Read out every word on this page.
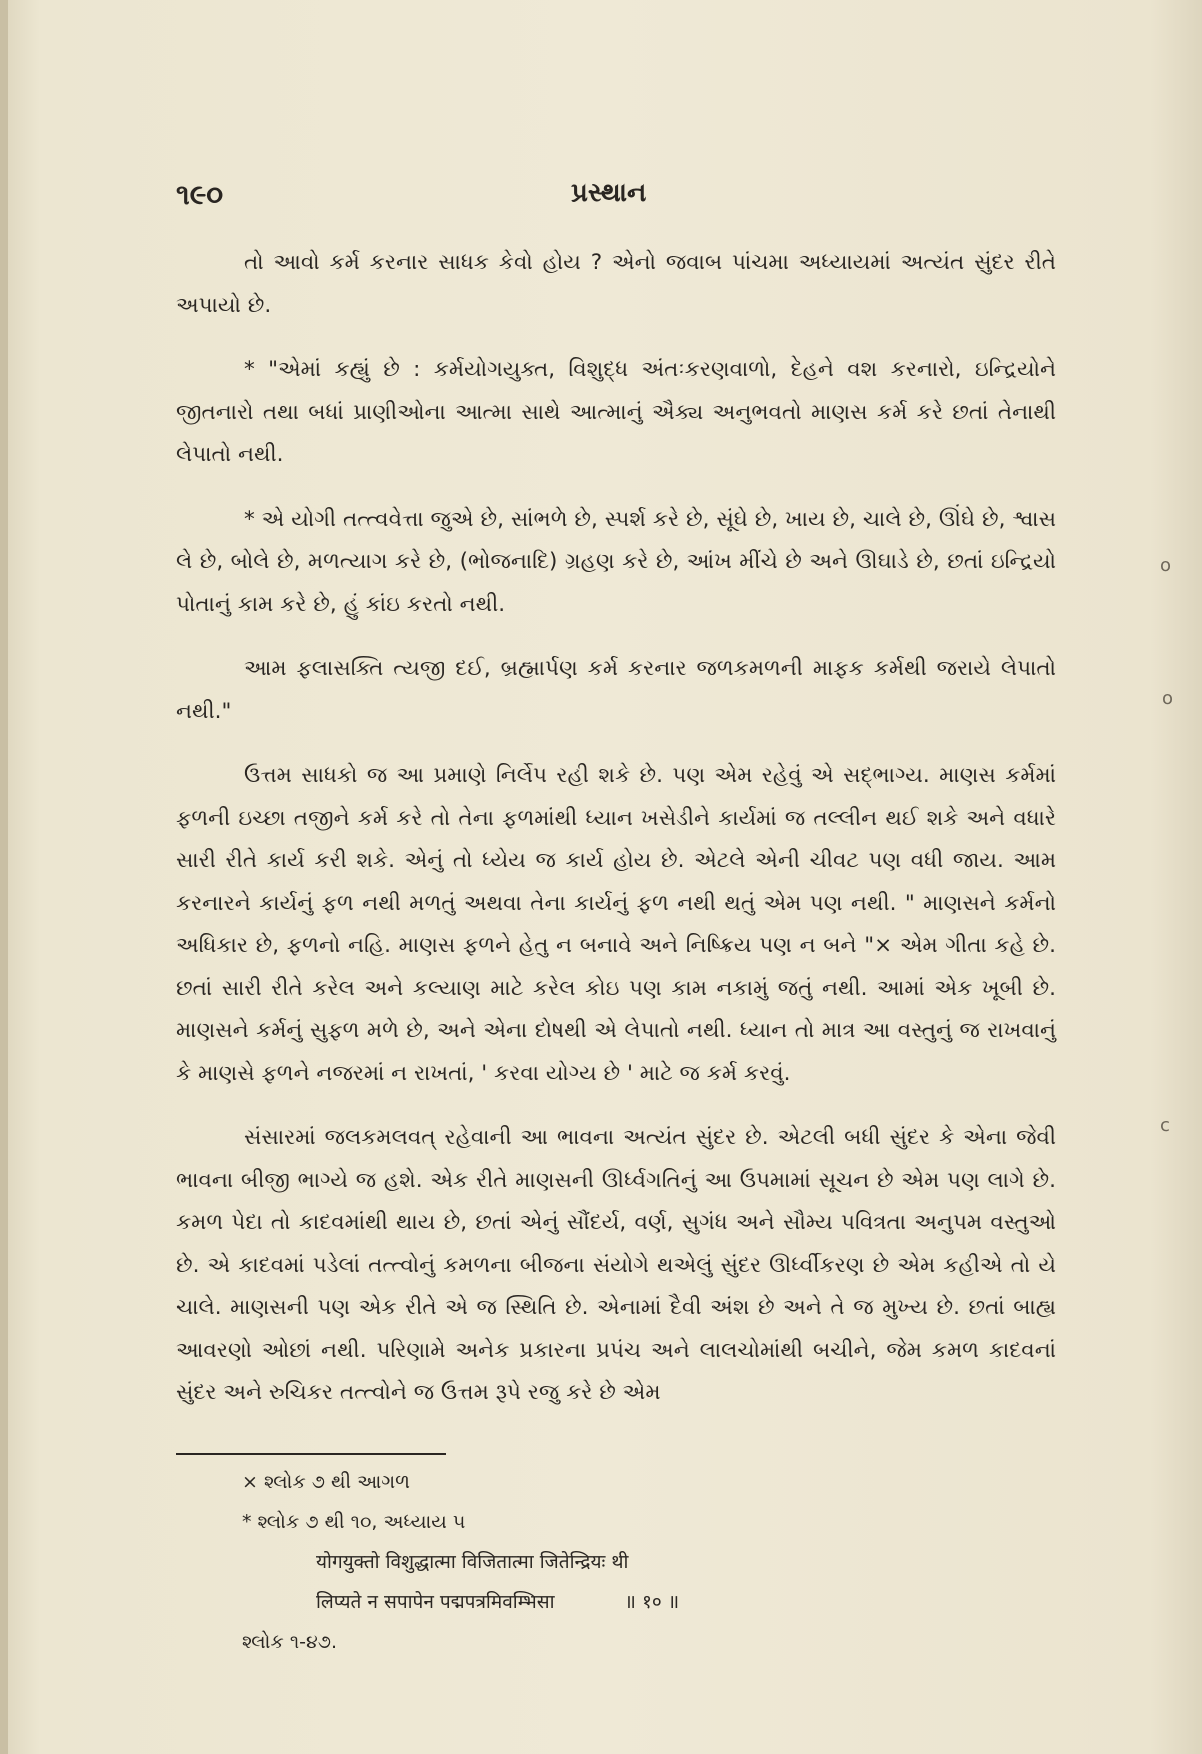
૧૯૦	પ્રસ્થાન

તો આવો કર્મ કરનાર સાધક કેવો હોય ? એનો જવાબ પાંચમા અધ્યાયમાં અત્યંત સુંદર રીતે અપાયો છે.

* "એમાં કહ્યું છે : કર્મયોગયુક્ત, વિશુદ્ધ અંતઃકરણવાળો, દેહને વશ કરનારો, ઇન્દ્રિયોને જીતનારો તથા બધાં પ્રાણીઓના આત્મા સાથે આત્માનું ઐક્ય અનુભવતો માણસ કર્મ કરે છતાં તેનાથી લેપાતો નથી.

* એ યોગી તત્ત્વવેત્તા જુએ છે, સાંભળે છે, સ્પર્શ કરે છે, સૂંઘે છે, ખાય છે, ચાલે છે, ઊંઘે છે, શ્વાસ લે છે, બોલે છે, મળત્યાગ કરે છે, (ભોજનાદિ) ગ્રહણ કરે છે, આંખ મીંચે છે અને ઊઘાડે છે, છતાં ઇન્દ્રિયો પોતાનું કામ કરે છે, હું કાંઇ કરતો નથી.

આમ ફલાસક્તિ ત્યજી દઈ, બ્રહ્માર્પણ કર્મ કરનાર જળકમળની માફક કર્મથી જરાયે લેપાતો નથી."

ઉત્તમ સાધકો જ આ પ્રમાણે નિર્લેપ રહી શકે છે. પણ એમ રહેવું એ સદ્ભાગ્ય. માણસ કર્મમાં ફળની ઇચ્છા તજીને કર્મ કરે તો તેના ફળમાંથી ધ્યાન ખસેડીને કાર્યમાં જ તલ્લીન થઈ શકે અને વધારે સારી રીતે કાર્ય કરી શકે. એનું તો ધ્યેય જ કાર્ય હોય છે. એટલે એની ચીવટ પણ વધી જાય. આમ કરનારને કાર્યનું ફળ નથી મળતું અથવા તેના કાર્યનું ફળ નથી થતું એમ પણ નથી. " માણસને કર્મનો અધિકાર છે, ફળનો નહિ. માણસ ફળને હેતુ ન બનાવે અને નિષ્ક્રિય પણ ન બને "× એમ ગીતા કહે છે. છતાં સારી રીતે કરેલ અને કલ્યાણ માટે કરેલ કોઇ પણ કામ નકામું જતું નથી. આમાં એક ખૂબી છે. માણસને કર્મનું સુફળ મળે છે, અને એના દોષથી એ લેપાતો નથી. ધ્યાન તો માત્ર આ વસ્તુનું જ રાખવાનું કે માણસે ફળને નજરમાં ન રાખતાં, ' કરવા યોગ્ય છે ' માટે જ કર્મ કરવું.

સંસારમાં જલકમલવત્ રહેવાની આ ભાવના અત્યંત સુંદર છે. એટલી બધી સુંદર કે એના જેવી ભાવના બીજી ભાગ્યે જ હશે. એક રીતે માણસની ઊર્ધ્વગતિનું આ ઉપમામાં સૂચન છે એમ પણ લાગે છે. કમળ પેદા તો કાદવમાંથી થાય છે, છતાં એનું સૌંદર્ય, વર્ણ, સુગંધ અને સૌમ્ય પવિત્રતા અનુપમ વસ્તુઓ છે. એ કાદવમાં પડેલાં તત્ત્વોનું કમળના બીજના સંયોગે થએલું સુંદર ઊર્ધ્વીકરણ છે એમ કહીએ તો યે ચાલે. માણસની પણ એક રીતે એ જ સ્થિતિ છે. એનામાં દૈવી અંશ છે અને તે જ મુખ્ય છે. છતાં બાહ્ય આવરણો ઓછાં નથી. પરિણામે અનેક પ્રકારના પ્રપંચ અને લાલચોમાંથી બચીને, જેમ કમળ કાદવનાં સુંદર અને રુચિકર તત્ત્વોને જ ઉત્તમ રૂપે રજુ કરે છે એમ

× શ્લોક ૭ થી આગળ
* શ્લોક ૭ થી ૧૦, અધ્યાય ૫
योगयुक्तो विशुद्धात्मा विजितात्मा जितेन्द्रियः थी
लिप्यते न सपापेन पद्मपत्रमिवम्भिसा	॥ १० ॥
શ્લોક ૧-૪૭.
o
o
c
